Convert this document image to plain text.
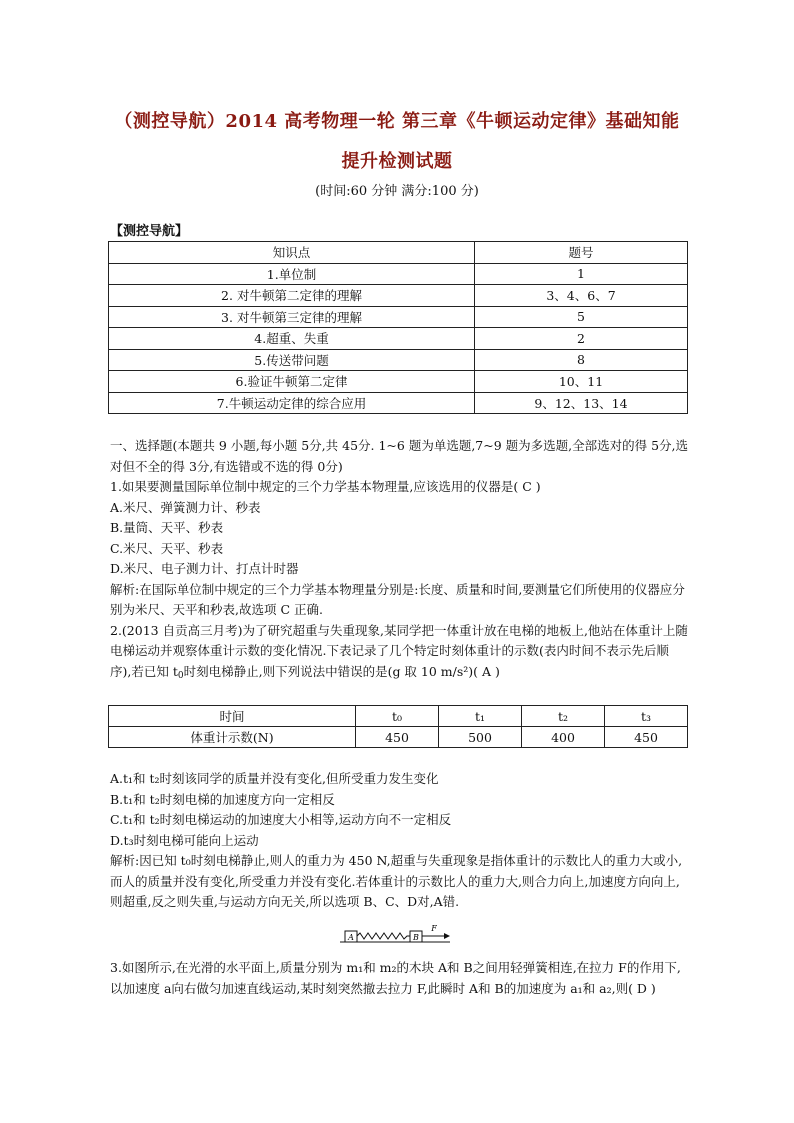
（测控导航）2014 高考物理一轮 第三章《牛顿运动定律》基础知能提升检测试题
(时间:60 分钟 满分:100 分)
【测控导航】
知识点	题号
1.单位制	1
2. 对牛顿第二定律的理解	3、4、6、7
3. 对牛顿第三定律的理解	5
4.超重、失重	2
5.传送带问题	8
6.验证牛顿第二定律	10、11
7.牛顿运动定律的综合应用	9、12、13、14

一、选择题(本题共 9 小题,每小题 5分,共 45分. 1~6 题为单选题,7~9 题为多选题,全部选对的得 5分,选对但不全的得 3分,有选错或不选的得 0分)

1.如果要测量国际单位制中规定的三个力学基本物理量,应该选用的仪器是( C )

A.米尺、弹簧测力计、秒表

B.量筒、天平、秒表

C.米尺、天平、秒表

D.米尺、电子测力计、打点计时器

解析:在国际单位制中规定的三个力学基本物理量分别是:长度、质量和时间,要测量它们所使用的仪器应分别为米尺、天平和秒表,故选项 C 正确.

2.(2013 自贡高三月考)为了研究超重与失重现象,某同学把一体重计放在电梯的地板上,他站在体重计上随电梯运动并观察体重计示数的变化情况.下表记录了几个特定时刻体重计的示数(表内时间不表示先后顺序),若已知 $t_0$时刻电梯静止,则下列说法中错误的是(g 取 10 m/s²)( A )

时间	t₀	t₁	t₂	t₃
体重计示数(N)	450	500	400	450

A.t₁和 t₂时刻该同学的质量并没有变化,但所受重力发生变化

B.t₁和 t₂时刻电梯的加速度方向一定相反

C.t₁和 t₂时刻电梯运动的加速度大小相等,运动方向不一定相反

D.t₃时刻电梯可能向上运动

解析:因已知 t₀时刻电梯静止,则人的重力为 450 N,超重与失重现象是指体重计的示数比人的重力大或小,而人的质量并没有变化,所受重力并没有变化.若体重计的示数比人的重力大,则合力向上,加速度方向向上,则超重,反之则失重,与运动方向无关,所以选项 B、C、D对,A错.

A	B
F

3.如图所示,在光滑的水平面上,质量分别为 m₁和 m₂的木块 A和 B之间用轻弹簧相连,在拉力 F的作用下,以加速度 a向右做匀加速直线运动,某时刻突然撤去拉力 F,此瞬时 A和 B的加速度为 a₁和 a₂,则( D )
